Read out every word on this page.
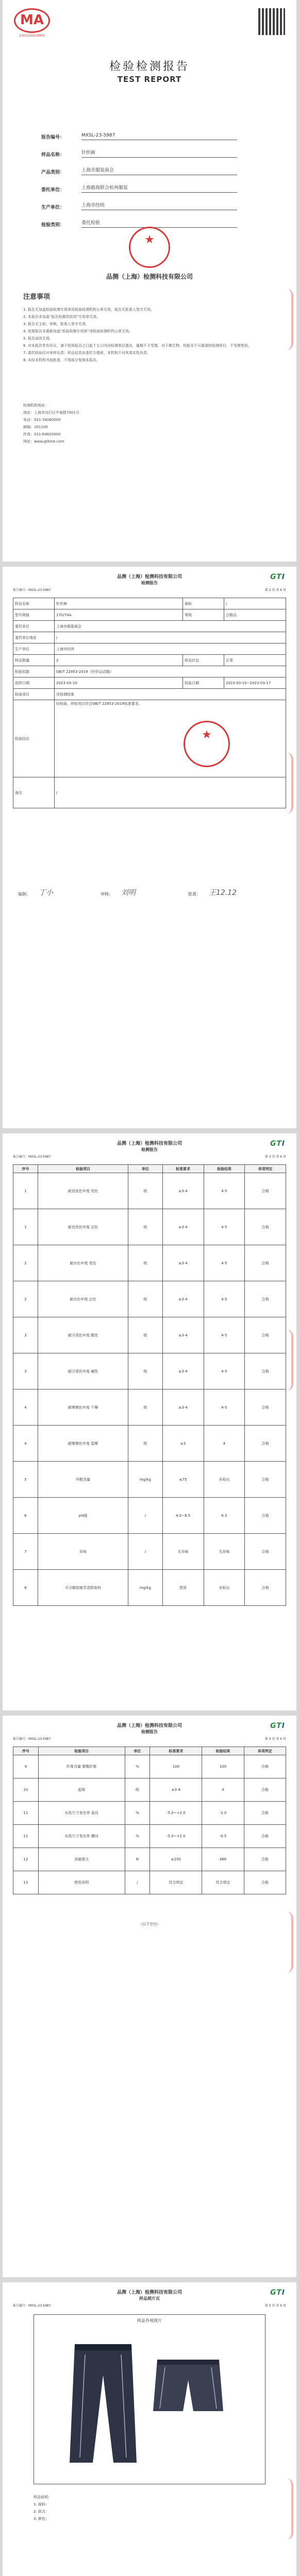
MA
2301120210000
检验检测报告
TEST REPORT
报告编号：	MXSL-23-5987
样品名称：	针织裤
产品类别：	上海市服装商会
委托单位：	上海慈海联合杭州服装
生产单位：	上海市经纬
检验类别：	委托检验
★
品测（上海）检测科技有限公司
注意事项

1. 报告无加盖检验检测专用章或检验检测机构公章无效，报告无批准人签字无效。

2. 本报告未加盖“报告检测资质用”专用章无效。

3. 报告无主检、审核、批准人签字无效。

4. 复制报告未重新加盖“检验检测专用章”或检验检测机构公章无效。

5. 报告涂改无效。

6. 对本报告若有异议，请于收到报告之日起十五日内向检测单位提出，逾期不予受理。对于微生物、性能及不可重现的检测项目，不受理复检。

7. 委托检验仅对来样负责；样品信息由委托方提供，本机构不对其真实性负责。

8. 未经本机构书面批准，不得部分复制本报告。

检测机构地址：

地址：上海市闵行区中春路7001号

电话：021-34060000

邮编：201100

传真：021-64820000

网址：www.gtitest.com

品测（上海）检测科技有限公司
检测报告
报告编号：MXSL-23-5987	第 2 页 共 6 页
GTI
样品名称	针织裤	商标	/
型号规格	170/74A	等级	合格品
委托单位	上海市服装商会		
委托单位地址	/		
生产单位	上海市经纬		
样品数量	2	样品状态	正常
检验依据	GB/T 22853-2019《针织运动服》		
收样日期	2023-03-10	检验日期	2023-03-10~2023-03-17
检验项目	见检测结果		
检验结论	经检验，所检项目符合GB/T 22853-2019标准要求。
★		

备注	/		
编制： 丁小	审核： 刘明	批准： 王12.12
品测（上海）检测科技有限公司
检测报告
报告编号：MXSL-23-5987	第 3 页 共 6 页
GTI
序号	检验项目	单位	标准要求	检验结果	单项判定
1	耐皂洗色牢度 变色	级	≥3-4	4-5	合格
1	耐皂洗色牢度 沾色	级	≥3-4	4-5	合格
2	耐水色牢度 变色	级	≥3-4	4-5	合格
2	耐水色牢度 沾色	级	≥3-4	4-5	合格
3	耐汗渍色牢度 酸性	级	≥3-4	4-5	合格
3	耐汗渍色牢度 碱性	级	≥3-4	4-5	合格
4	耐摩擦色牢度 干摩	级	≥3-4	4-5	合格
4	耐摩擦色牢度 湿摩	级	≥3	4	合格
5	甲醛含量	mg/kg	≤75	未检出	合格
6	pH值	/	4.0~8.5	6.3	合格
7	异味	/	无异味	无异味	合格
8	可分解致癌芳香胺染料	mg/kg	禁用	未检出	合格
品测（上海）检测科技有限公司
检测报告
报告编号：MXSL-23-5987	第 4 页 共 6 页
GTI
序号	检验项目	单位	标准要求	检验结果	单项判定
9	纤维含量 聚酯纤维	%	100	100	合格
10	起球	级	≥3-4	4	合格
11	水洗尺寸变化率 直向	%	-5.0~+2.0	-1.0	合格
11	水洗尺寸变化率 横向	%	-5.0~+2.0	-0.5	合格
12	顶破强力	N	≥250	468	合格
13	使用说明	/	符合规定	符合规定	合格
（以下空白）
品测（上海）检测科技有限公司
样品照片页
报告编号：MXSL-23-5987	第 5 页 共 6 页
GTI
样品外观照片

样品说明：

1. 面料：

2. 款式：

3. 颜色：
